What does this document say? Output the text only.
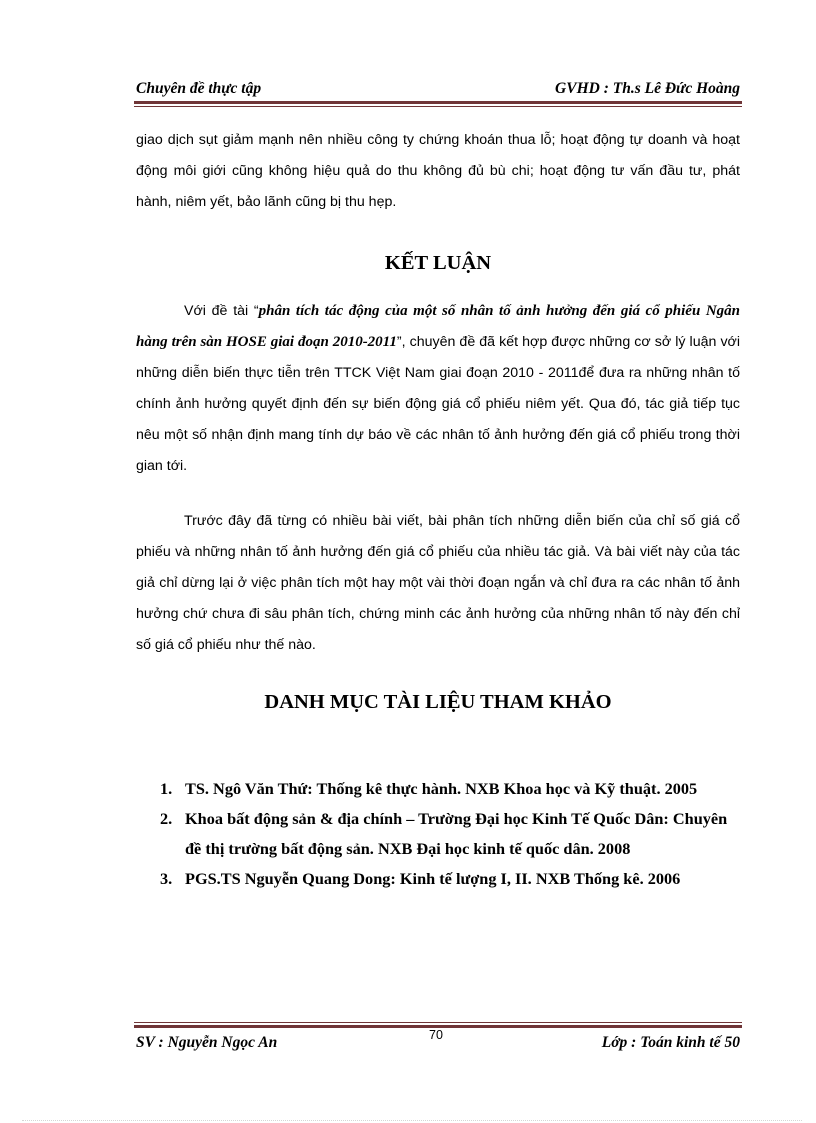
Chuyên đề thực tập	GVHD : Th.s Lê Đức Hoàng

giao dịch sụt giảm mạnh nên nhiều công ty chứng khoán thua lỗ; hoạt động tự doanh và hoạt động môi giới cũng không hiệu quả do thu không đủ bù chi; hoạt động tư vấn đầu tư, phát hành, niêm yết, bảo lãnh cũng bị thu hẹp.

KẾT LUẬN

Với đề tài “phân tích tác động của một số nhân tố ảnh hưởng đến giá cổ phiếu Ngân hàng trên sàn HOSE giai đoạn 2010-2011”, chuyên đề đã kết hợp được những cơ sở lý luận với những diễn biến thực tiễn trên TTCK Việt Nam giai đoạn 2010 - 2011để đưa ra những nhân tố chính ảnh hưởng quyết định đến sự biến động giá cổ phiếu niêm yết. Qua đó, tác giả tiếp tục nêu một số nhận định mang tính dự báo về các nhân tố ảnh hưởng đến giá cổ phiếu trong thời gian tới.

Trước đây đã từng có nhiều bài viết, bài phân tích những diễn biến của chỉ số giá cổ phiếu và những nhân tố ảnh hưởng đến giá cổ phiếu của nhiều tác giả. Và bài viết này của tác giả chỉ dừng lại ở việc phân tích một hay một vài thời đoạn ngắn và chỉ đưa ra các nhân tố ảnh hưởng chứ chưa đi sâu phân tích, chứng minh các ảnh hưởng của những nhân tố này đến chỉ số giá cổ phiếu như thế nào.

DANH MỤC TÀI LIỆU THAM KHẢO
1. TS. Ngô Văn Thứ: Thống kê thực hành. NXB Khoa học và Kỹ thuật. 2005
2. Khoa bất động sản & địa chính – Trường Đại học Kinh Tế Quốc Dân: Chuyên đề thị trường bất động sản. NXB Đại học kinh tế quốc dân. 2008
3. PGS.TS Nguyễn Quang Dong: Kinh tế lượng I, II. NXB Thống kê. 2006
70
SV : Nguyễn Ngọc An	Lớp : Toán kinh tế 50
